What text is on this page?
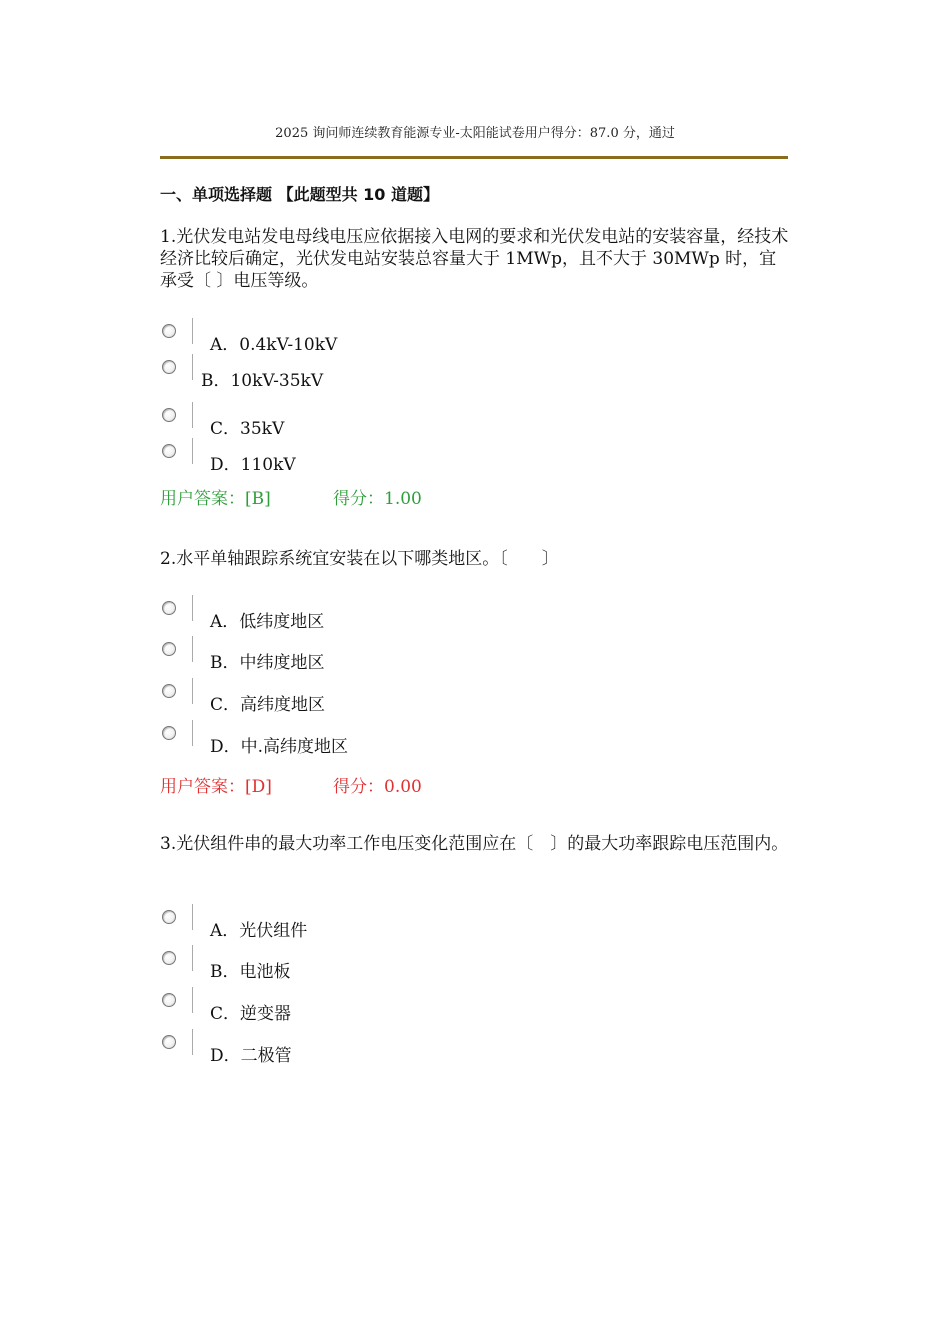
2025 询问师连续教育能源专业-太阳能试卷用户得分：87.0 分，通过
一、单项选择题 【此题型共 10 道题】
1.光伏发电站发电母线电压应依据接入电网的要求和光伏发电站的安装容量，经技术经济比较后确定，光伏发电站安装总容量大于 1MWp，且不大于 30MWp 时，宜承受〔 〕电压等级。
A．0.4kV-10kV
B．10kV-35kV
C．35kV
D．110kV
用户答案：[B]	得分：1.00
2.水平单轴跟踪系统宜安装在以下哪类地区。〔　　〕
A．低纬度地区
B．中纬度地区
C．高纬度地区
D．中.高纬度地区
用户答案：[D]	得分：0.00
3.光伏组件串的最大功率工作电压变化范围应在〔　〕的最大功率跟踪电压范围内。
A．光伏组件
B．电池板
C．逆变器
D．二极管
